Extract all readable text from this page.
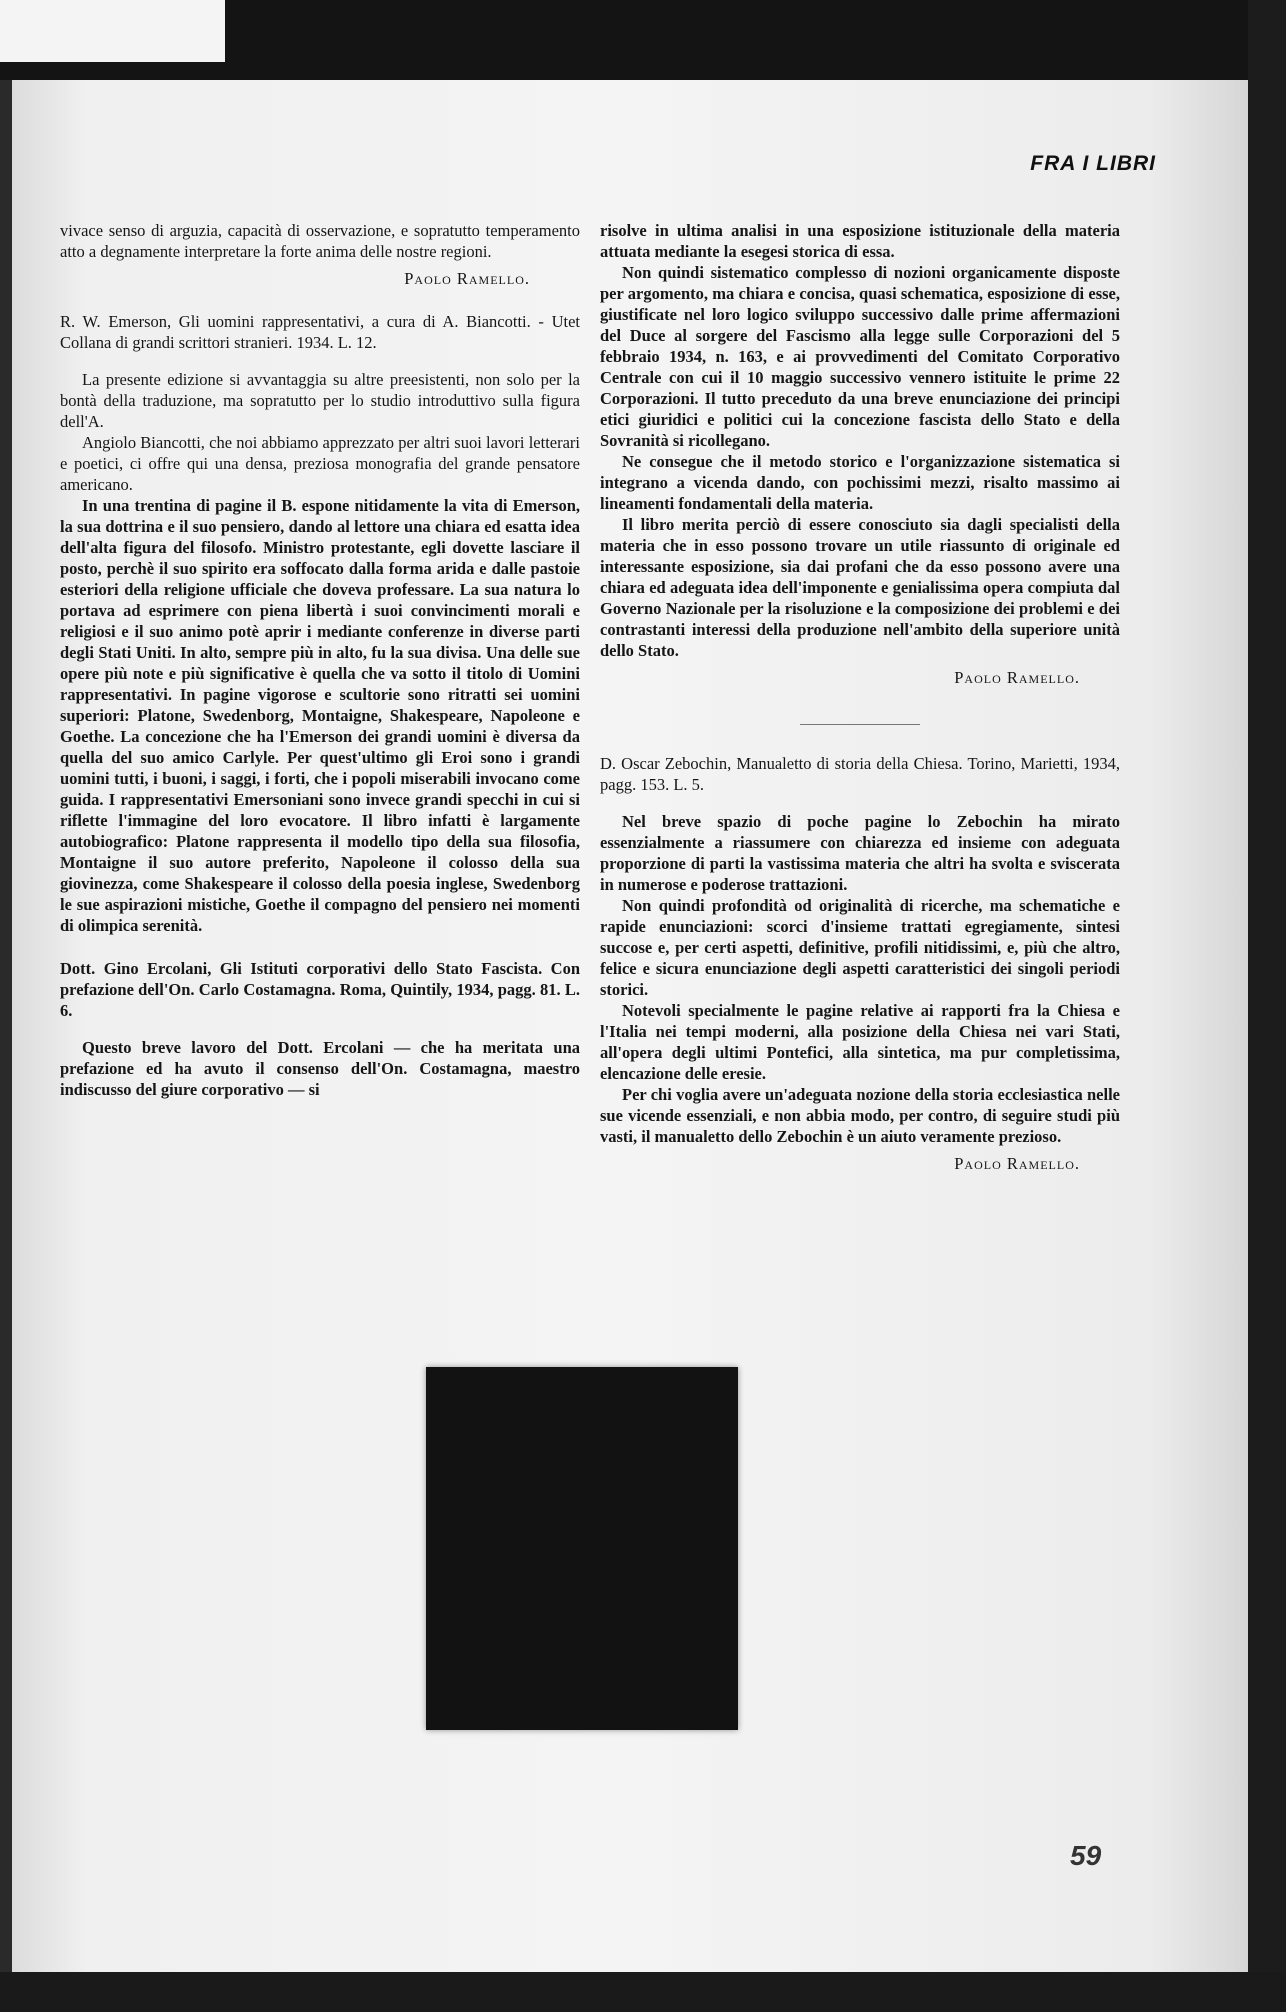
FRA I LIBRI

vivace senso di arguzia, capacità di osservazione, e sopratutto temperamento atto a degnamente interpretare la forte anima delle nostre regioni.

Paolo Ramello.

R. W. Emerson, Gli uomini rappresentativi, a cura di A. Biancotti. - Utet Collana di grandi scrittori stranieri. 1934. L. 12.

La presente edizione si avvantaggia su altre preesistenti, non solo per la bontà della traduzione, ma sopratutto per lo studio introduttivo sulla figura dell'A.

Angiolo Biancotti, che noi abbiamo apprezzato per altri suoi lavori letterari e poetici, ci offre qui una densa, preziosa monografia del grande pensatore americano.

In una trentina di pagine il B. espone nitidamente la vita di Emerson, la sua dottrina e il suo pensiero, dando al lettore una chiara ed esatta idea dell'alta figura del filosofo. Ministro protestante, egli dovette lasciare il posto, perchè il suo spirito era soffocato dalla forma arida e dalle pastoie esteriori della religione ufficiale che doveva professare. La sua natura lo portava ad esprimere con piena libertà i suoi convincimenti morali e religiosi e il suo animo potè aprir i mediante conferenze in diverse parti degli Stati Uniti. In alto, sempre più in alto, fu la sua divisa. Una delle sue opere più note e più significative è quella che va sotto il titolo di Uomini rappresentativi. In pagine vigorose e scultorie sono ritratti sei uomini superiori: Platone, Swedenborg, Montaigne, Shakespeare, Napoleone e Goethe. La concezione che ha l'Emerson dei grandi uomini è diversa da quella del suo amico Carlyle. Per quest'ultimo gli Eroi sono i grandi uomini tutti, i buoni, i saggi, i forti, che i popoli miserabili invocano come guida. I rappresentativi Emersoniani sono invece grandi specchi in cui si riflette l'immagine del loro evocatore. Il libro infatti è largamente autobiografico: Platone rappresenta il modello tipo della sua filosofia, Montaigne il suo autore preferito, Napoleone il colosso della sua giovinezza, come Shakespeare il colosso della poesia inglese, Swedenborg le sue aspirazioni mistiche, Goethe il compagno del pensiero nei momenti di olimpica serenità.

Dott. Gino Ercolani, Gli Istituti corporativi dello Stato Fascista. Con prefazione dell'On. Carlo Costamagna. Roma, Quintily, 1934, pagg. 81. L. 6.

Questo breve lavoro del Dott. Ercolani — che ha meritata una prefazione ed ha avuto il consenso dell'On. Costamagna, maestro indiscusso del giure corporativo — si

risolve in ultima analisi in una esposizione istituzionale della materia attuata mediante la esegesi storica di essa.

Non quindi sistematico complesso di nozioni organicamente disposte per argomento, ma chiara e concisa, quasi schematica, esposizione di esse, giustificate nel loro logico sviluppo successivo dalle prime affermazioni del Duce al sorgere del Fascismo alla legge sulle Corporazioni del 5 febbraio 1934, n. 163, e ai provvedimenti del Comitato Corporativo Centrale con cui il 10 maggio successivo vennero istituite le prime 22 Corporazioni. Il tutto preceduto da una breve enunciazione dei principi etici giuridici e politici cui la concezione fascista dello Stato e della Sovranità si ricollegano.

Ne consegue che il metodo storico e l'organizzazione sistematica si integrano a vicenda dando, con pochissimi mezzi, risalto massimo ai lineamenti fondamentali della materia.

Il libro merita perciò di essere conosciuto sia dagli specialisti della materia che in esso possono trovare un utile riassunto di originale ed interessante esposizione, sia dai profani che da esso possono avere una chiara ed adeguata idea dell'imponente e genialissima opera compiuta dal Governo Nazionale per la risoluzione e la composizione dei problemi e dei contrastanti interessi della produzione nell'ambito della superiore unità dello Stato.

Paolo Ramello.

D. Oscar Zebochin, Manualetto di storia della Chiesa. Torino, Marietti, 1934, pagg. 153. L. 5.

Nel breve spazio di poche pagine lo Zebochin ha mirato essenzialmente a riassumere con chiarezza ed insieme con adeguata proporzione di parti la vastissima materia che altri ha svolta e sviscerata in numerose e poderose trattazioni.

Non quindi profondità od originalità di ricerche, ma schematiche e rapide enunciazioni: scorci d'insieme trattati egregiamente, sintesi succose e, per certi aspetti, definitive, profili nitidissimi, e, più che altro, felice e sicura enunciazione degli aspetti caratteristici dei singoli periodi storici.

Notevoli specialmente le pagine relative ai rapporti fra la Chiesa e l'Italia nei tempi moderni, alla posizione della Chiesa nei vari Stati, all'opera degli ultimi Pontefici, alla sintetica, ma pur completissima, elencazione delle eresie.

Per chi voglia avere un'adeguata nozione della storia ecclesiastica nelle sue vicende essenziali, e non abbia modo, per contro, di seguire studi più vasti, il manualetto dello Zebochin è un aiuto veramente prezioso.

Paolo Ramello.

59
